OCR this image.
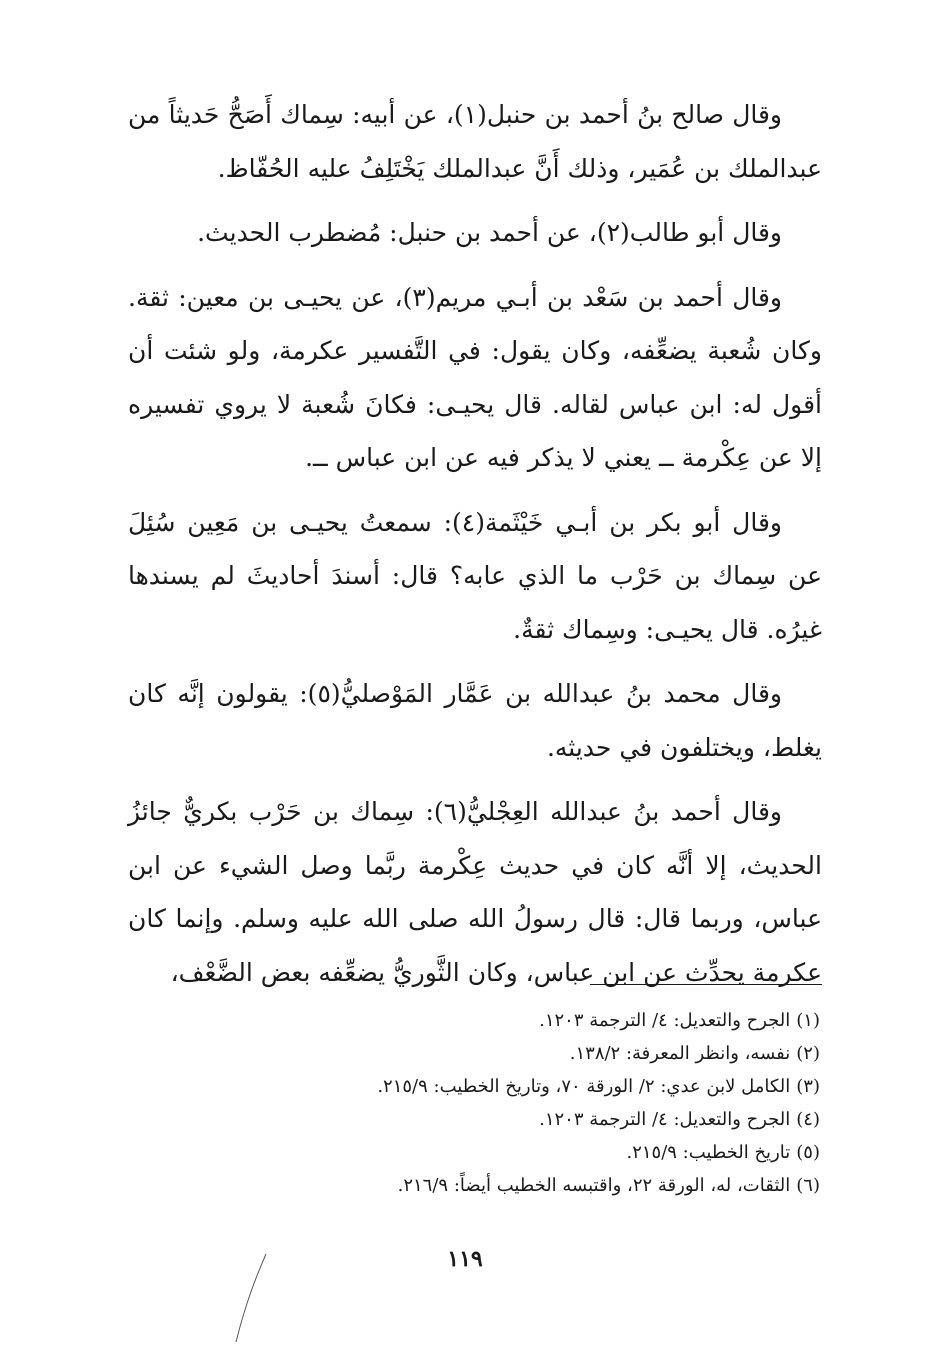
وقال صالح بنُ أحمد بن حنبل(١)، عن أبيه: سِماك أَصَحُّ حَديثاً من عبدالملك بن عُمَير، وذلك أَنَّ عبدالملك يَخْتَلِفُ عليه الحُفّاظ.

وقال أبو طالب(٢)، عن أحمد بن حنبل: مُضطرب الحديث.

وقال أحمد بن سَعْد بن أبـي مريم(٣)، عن يحيـى بن معين: ثقة. وكان شُعبة يضعِّفه، وكان يقول: في التَّفسير عكرمة، ولو شئت أن أقول له: ابن عباس لقاله. قال يحيـى: فكانَ شُعبة لا يروي تفسيره إلا عن عِكْرمة ــ يعني لا يذكر فيه عن ابن عباس ــ.

وقال أبو بكر بن أبـي خَيْثَمة(٤): سمعتُ يحيـى بن مَعِين سُئِلَ عن سِماك بن حَرْب ما الذي عابه؟ قال: أسندَ أحاديثَ لم يسندها غيرُه. قال يحيـى: وسِماك ثقةٌ.

وقال محمد بنُ عبدالله بن عَمَّار المَوْصليُّ(٥): يقولون إنَّه كان يغلط، ويختلفون في حديثه.

وقال أحمد بنُ عبدالله العِجْليُّ(٦): سِماك بن حَرْب بكريٌّ جائزُ الحديث، إلا أنَّه كان في حديث عِكْرمة ربَّما وصل الشيء عن ابن عباس، وربما قال: قال رسولُ الله صلى الله عليه وسلم. وإنما كان عكرمة يحدِّث عن ابن عباس، وكان الثَّوريُّ يضعِّفه بعض الضَّعْف،

(١)الجرح والتعديل: ٤/ الترجمة ١٢٠٣.

(٢)نفسه، وانظر المعرفة: ١٣٨/٢.

(٣)الكامل لابن عدي: ٢/ الورقة ٧٠، وتاريخ الخطيب: ٢١٥/٩.

(٤)الجرح والتعديل: ٤/ الترجمة ١٢٠٣.

(٥)تاريخ الخطيب: ٢١٥/٩.

(٦)الثقات، له، الورقة ٢٢، واقتبسه الخطيب أيضاً: ٢١٦/٩.

١١٩
